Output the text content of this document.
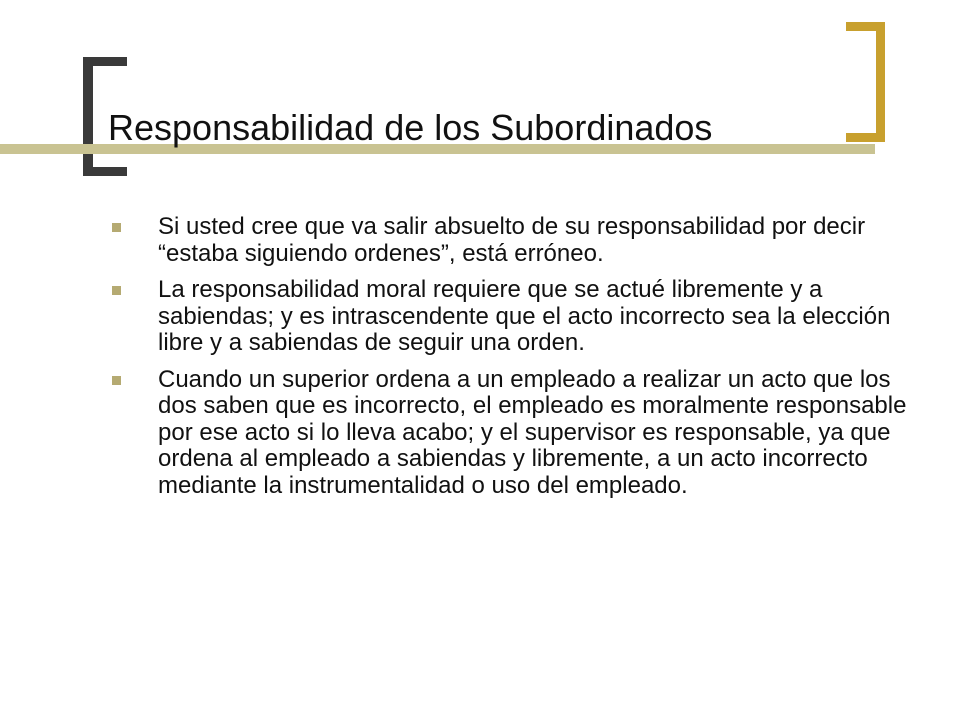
Responsabilidad de los Subordinados
Si usted cree que va salir absuelto de su responsabilidad por decir “estaba siguiendo ordenes”, está erróneo.
La responsabilidad moral requiere que se actué libremente y a sabiendas; y es intrascendente que el acto incorrecto sea la elección libre y a sabiendas de seguir una orden.
Cuando un superior ordena a un empleado a realizar un acto que los dos saben que es incorrecto, el empleado es moralmente responsable por ese acto si lo lleva acabo; y el supervisor es responsable, ya que ordena al empleado a sabiendas y libremente, a un acto incorrecto mediante la instrumentalidad o uso del empleado.
